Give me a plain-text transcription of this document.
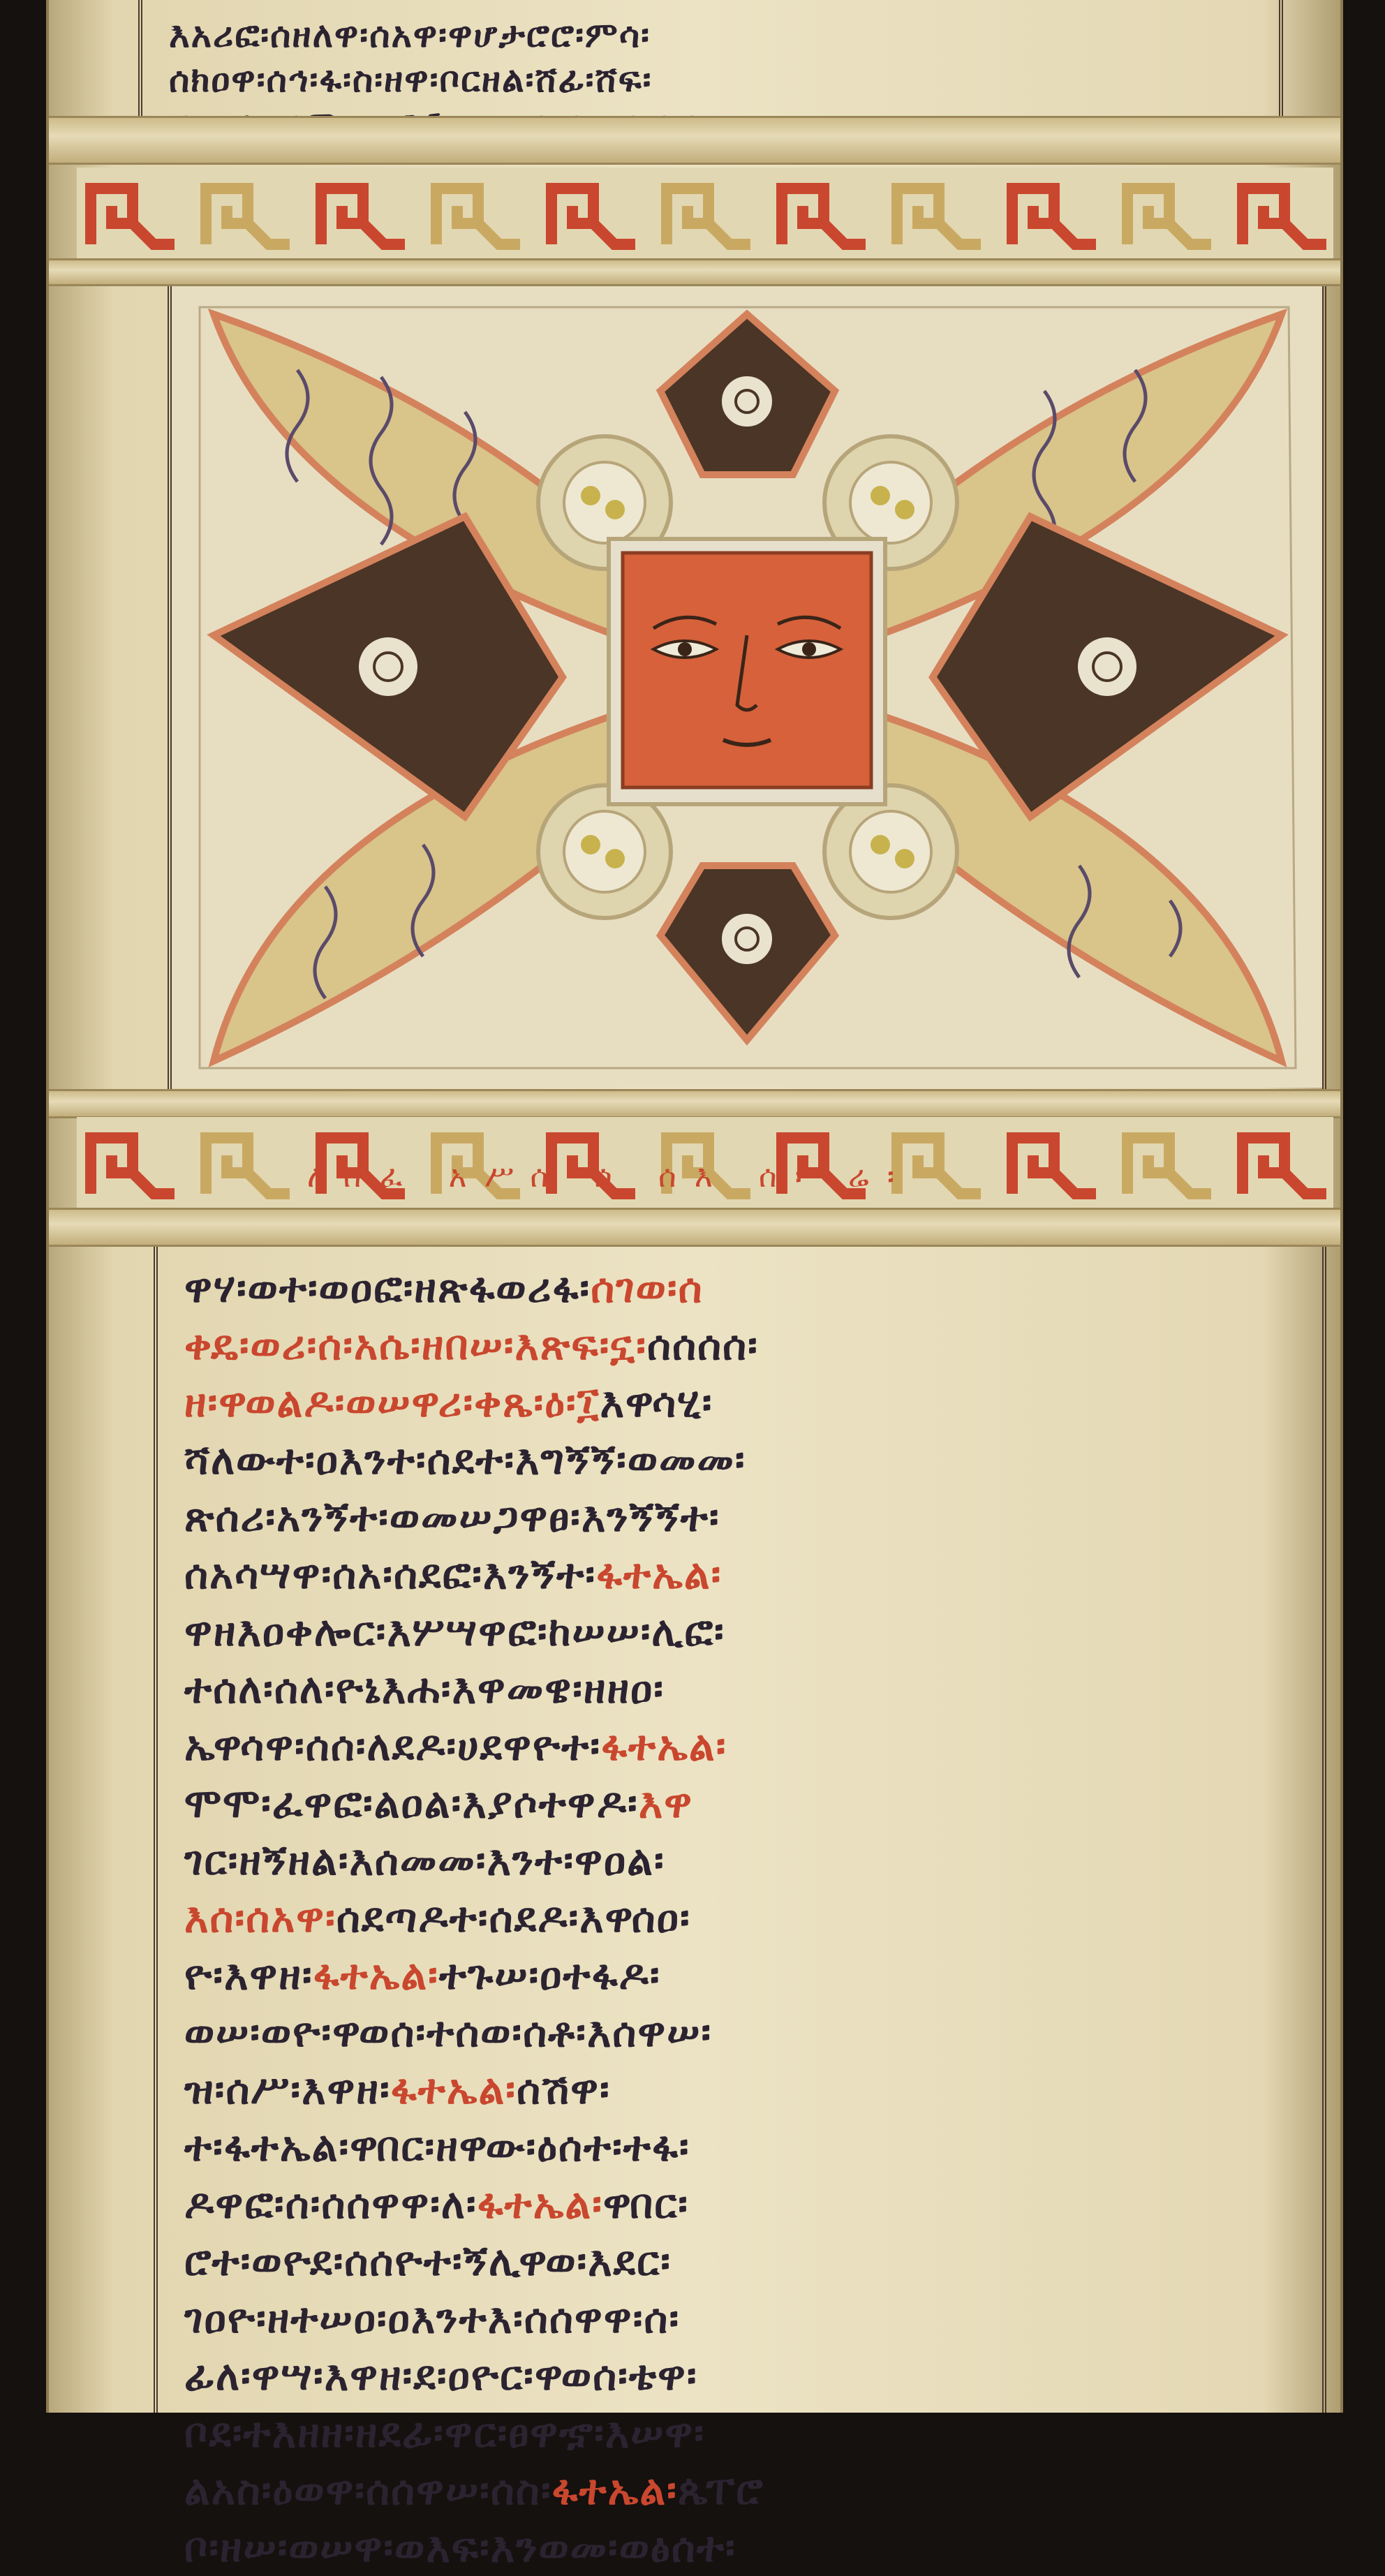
እአሪፎ፡ሰዘለዋ፡ሰአዋ፡ዋሆታሮሮ፡ምሳ፡
ሰክዐዋ፡ሰኅ፡ፋ፡ስ፡ዘዋ፡ቦርዘል፡ሸፊ፡ሸፍ፡
ለሰፈ አሥሰ ሰ ሰእ ሰ፡ ሬ፡
ዋሃ፡ወተ፡ወዐፎ፡ዘጽፋወሪፋ፡ሰገወ፡ሰ
ቀዴ፡ወሪ፡ሰ፡አሴ፡ዘበሠ፡እጽፍ፡ኗ፡ሰሰሰሰ፡
ዘ፡ዋወልዶ፡ወሠዋሪ፡ቀጼ፡ዕ፡፲እዋሳሂ፡
ሻለውተ፡ዐእንተ፡ሰደተ፡እግኝኝ፡ወመመ፡
ጽሰሪ፡አንኝተ፡ወመሠጋዋፀ፡እንኝኝተ፡
ሰአሳሣዋ፡ሰአ፡ሰደፎ፡እንኝተ፡ፋተኤል፡
ዋዘእዐቀሎር፡እሦሣዋፎ፡ከሠሠ፡ሊፎ፡
ተሰለ፡ሰለ፡ዮኔእሐ፡እዋመዌ፡ዘዘዐ፡
ኤዋሳዋ፡ሰሰ፡ለደዶ፡ሀደዋዮተ፡ፋተኤል፡
ሞሞ፡ፈዋፎ፡ልዐል፡እያሶተዋዶ፡እዋ
ገር፡ዘኝዘል፡እሰመመ፡እንተ፡ዋዐል፡
እሰ፡ሰአዋ፡ሰደጣዶተ፡ሰደዶ፡እዋሰዐ፡
ዮ፡እዋዘ፡ፋተኤል፡ተጉሠ፡ዐተፋዶ፡
ወሠ፡ወዮ፡ዋወሰ፡ተሰወ፡ሰቶ፡እሰዋሠ፡
ዝ፡ሰሥ፡እዋዘ፡ፋተኤል፡ሰሽዋ፡
ተ፡ፋተኤል፡ዋበር፡ዘዋው፡ዕሰተ፡ተፋ፡
ዶዋፎ፡ሰ፡ሰሰዋዋ፡ለ፡ፋተኤል፡ዋበር፡
ሮተ፡ወዮደ፡ሰሰዮተ፡ኝሊዋወ፡እደር፡
ገዐዮ፡ዘተሠዐ፡ዐእንተእ፡ሰሰዋዋ፡ሰ፡
ፊለ፡ዋሣ፡እዋዘ፡ደ፡ዐዮር፡ዋወሰ፡ቴዋ፡
ቦደ፡ተእዘዘ፡ዘደፊ፡ዋር፡ፀዋኇ፡እሠዋ፡
ልአስ፡ዕወዋ፡ሰሰዋሠ፡ሰስ፡ፋተኤል፡ጴፐሮ
ቦ፡ዘሠ፡ወሠዋ፡ወእፍ፡እንወመ፡ወፅሰተ፡
